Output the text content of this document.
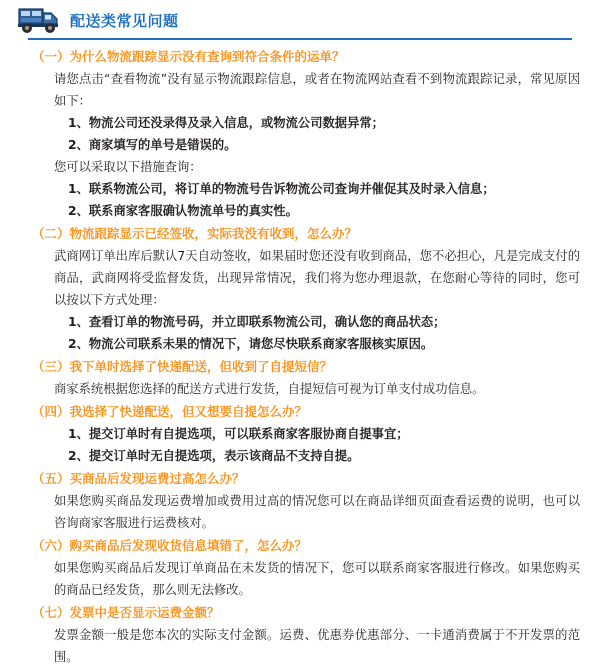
配送类常见问题
（一）为什么物流跟踪显示没有查询到符合条件的运单？
请您点击“查看物流”没有显示物流跟踪信息，或者在物流网站查看不到物流跟踪记录，常见原因如下：
1、物流公司还没录得及录入信息，或物流公司数据异常；
2、商家填写的单号是错误的。
您可以采取以下措施查询：
1、联系物流公司，将订单的物流号告诉物流公司查询并催促其及时录入信息；
2、联系商家客服确认物流单号的真实性。
（二）物流跟踪显示已经签收，实际我没有收到，怎么办？
武商网订单出库后默认7天自动签收，如果届时您还没有收到商品，您不必担心，凡是完成支付的商品，武商网将受监督发货，出现异常情况，我们将为您办理退款，在您耐心等待的同时，您可以按以下方式处理：
1、查看订单的物流号码，并立即联系物流公司，确认您的商品状态；
2、物流公司联系未果的情况下，请您尽快联系商家客服核实原因。
（三）我下单时选择了快递配送，但收到了自提短信？
商家系统根据您选择的配送方式进行发货，自提短信可视为订单支付成功信息。
（四）我选择了快递配送，但又想要自提怎么办？
1、提交订单时有自提选项，可以联系商家客服协商自提事宜；
2、提交订单时无自提选项，表示该商品不支持自提。
（五）买商品后发现运费过高怎么办？
如果您购买商品发现运费增加或费用过高的情况您可以在商品详细页面查看运费的说明，也可以咨询商家客服进行运费核对。
（六）购买商品后发现收货信息填错了，怎么办？
如果您购买商品后发现订单商品在未发货的情况下，您可以联系商家客服进行修改。如果您购买的商品已经发货，那么则无法修改。
（七）发票中是否显示运费金额？
发票金额一般是您本次的实际支付金额。运费、优惠券优惠部分、一卡通消费属于不开发票的范围。
